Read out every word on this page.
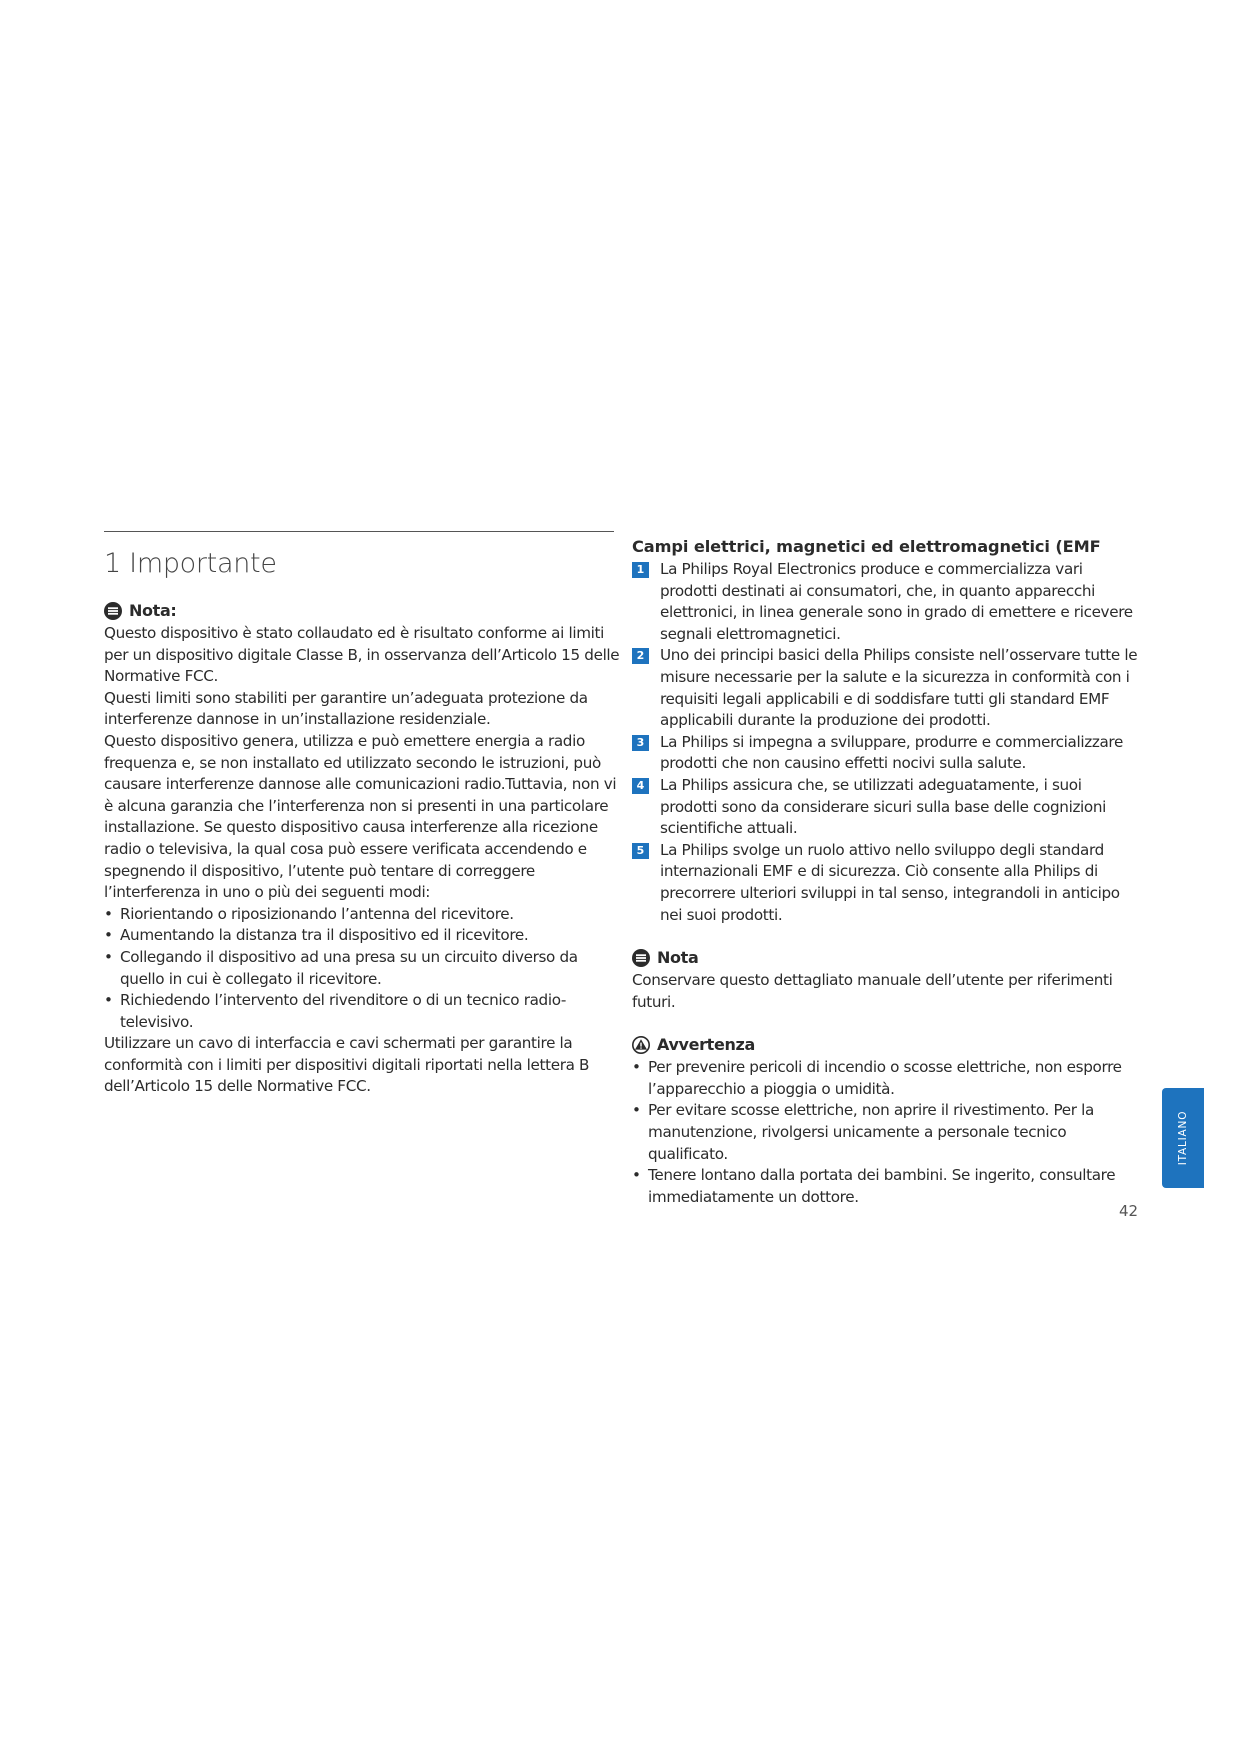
1 Importante
Nota:

Questo dispositivo è stato collaudato ed è risultato conforme ai limiti per un dispositivo digitale Classe B, in osservanza dell’Articolo 15 delle Normative FCC.

Questi limiti sono stabiliti per garantire un’adeguata protezione da interferenze dannose in un’installazione residenziale.

Questo dispositivo genera, utilizza e può emettere energia a radio frequenza e, se non installato ed utilizzato secondo le istruzioni, può causare interferenze dannose alle comunicazioni radio.Tuttavia, non vi è alcuna garanzia che l’interferenza non si presenti in una particolare installazione. Se questo dispositivo causa interferenze alla ricezione radio o televisiva, la qual cosa può essere verificata accendendo e spegnendo il dispositivo, l’utente può tentare di correggere l’interferenza in uno o più dei seguenti modi:

• Riorientando o riposizionando l’antenna del ricevitore.
• Aumentando la distanza tra il dispositivo ed il ricevitore.
• Collegando il dispositivo ad una presa su un circuito diverso da quello in cui è collegato il ricevitore.
• Richiedendo l’intervento del rivenditore o di un tecnico radio-televisivo.

Utilizzare un cavo di interfaccia e cavi schermati per garantire la conformità con i limiti per dispositivi digitali riportati nella lettera B dell’Articolo 15 delle Normative FCC.

Campi elettrici, magnetici ed elettromagnetici (EMF
1	La Philips Royal Electronics produce e commercializza vari prodotti destinati ai consumatori, che, in quanto apparecchi elettronici, in linea generale sono in grado di emettere e ricevere segnali elettromagnetici.
2	Uno dei principi basici della Philips consiste nell’osservare tutte le misure necessarie per la salute e la sicurezza in conformità con i requisiti legali applicabili e di soddisfare tutti gli standard EMF applicabili durante la produzione dei prodotti.
3	La Philips si impegna a sviluppare, produrre e commercializzare prodotti che non causino effetti nocivi sulla salute.
4	La Philips assicura che, se utilizzati adeguatamente, i suoi prodotti sono da considerare sicuri sulla base delle cognizioni scientifiche attuali.
5	La Philips svolge un ruolo attivo nello sviluppo degli standard internazionali EMF e di sicurezza. Ciò consente alla Philips di precorrere ulteriori sviluppi in tal senso, integrandoli in anticipo nei suoi prodotti.
Nota

Conservare questo dettagliato manuale dell’utente per riferimenti futuri.

Avvertenza
• Per prevenire pericoli di incendio o scosse elettriche, non esporre l’apparecchio a pioggia o umidità.
• Per evitare scosse elettriche, non aprire il rivestimento. Per la manutenzione, rivolgersi unicamente a personale tecnico qualificato.
• Tenere lontano dalla portata dei bambini. Se ingerito, consultare immediatamente un dottore.
ITALIANO
42
